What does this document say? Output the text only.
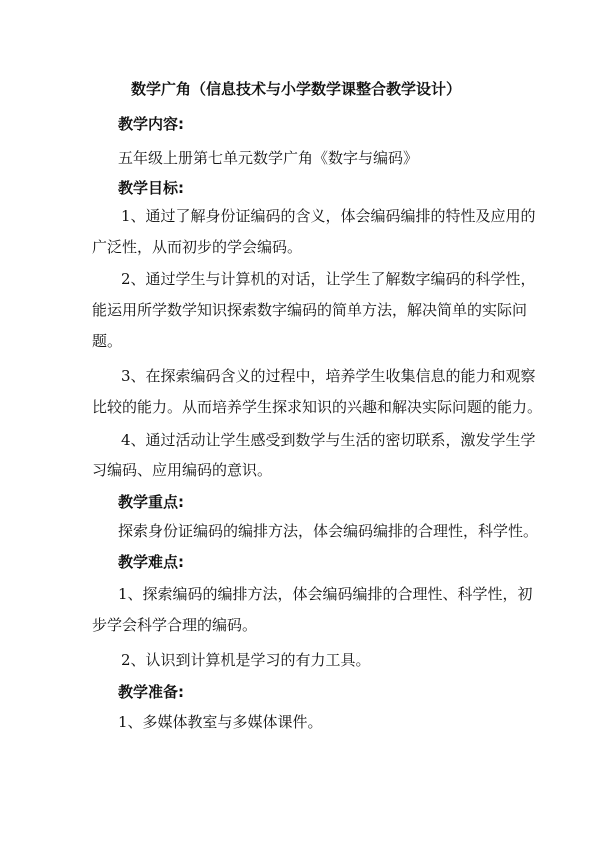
数学广角（信息技术与小学数学课整合教学设计）
教学内容:
五年级上册第七单元数学广角《数字与编码》
教学目标:
1、通过了解身份证编码的含义，体会编码编排的特性及应用的
广泛性，从而初步的学会编码。
2、通过学生与计算机的对话，让学生了解数字编码的科学性，
能运用所学数学知识探索数字编码的简单方法，解决简单的实际问
题。
3、在探索编码含义的过程中，培养学生收集信息的能力和观察
比较的能力。从而培养学生探求知识的兴趣和解决实际问题的能力。
4、通过活动让学生感受到数学与生活的密切联系，激发学生学
习编码、应用编码的意识。
教学重点:
探索身份证编码的编排方法，体会编码编排的合理性，科学性。
教学难点:
1、探索编码的编排方法，体会编码编排的合理性、科学性，初
步学会科学合理的编码。
2、认识到计算机是学习的有力工具。
教学准备:
1、多媒体教室与多媒体课件。
